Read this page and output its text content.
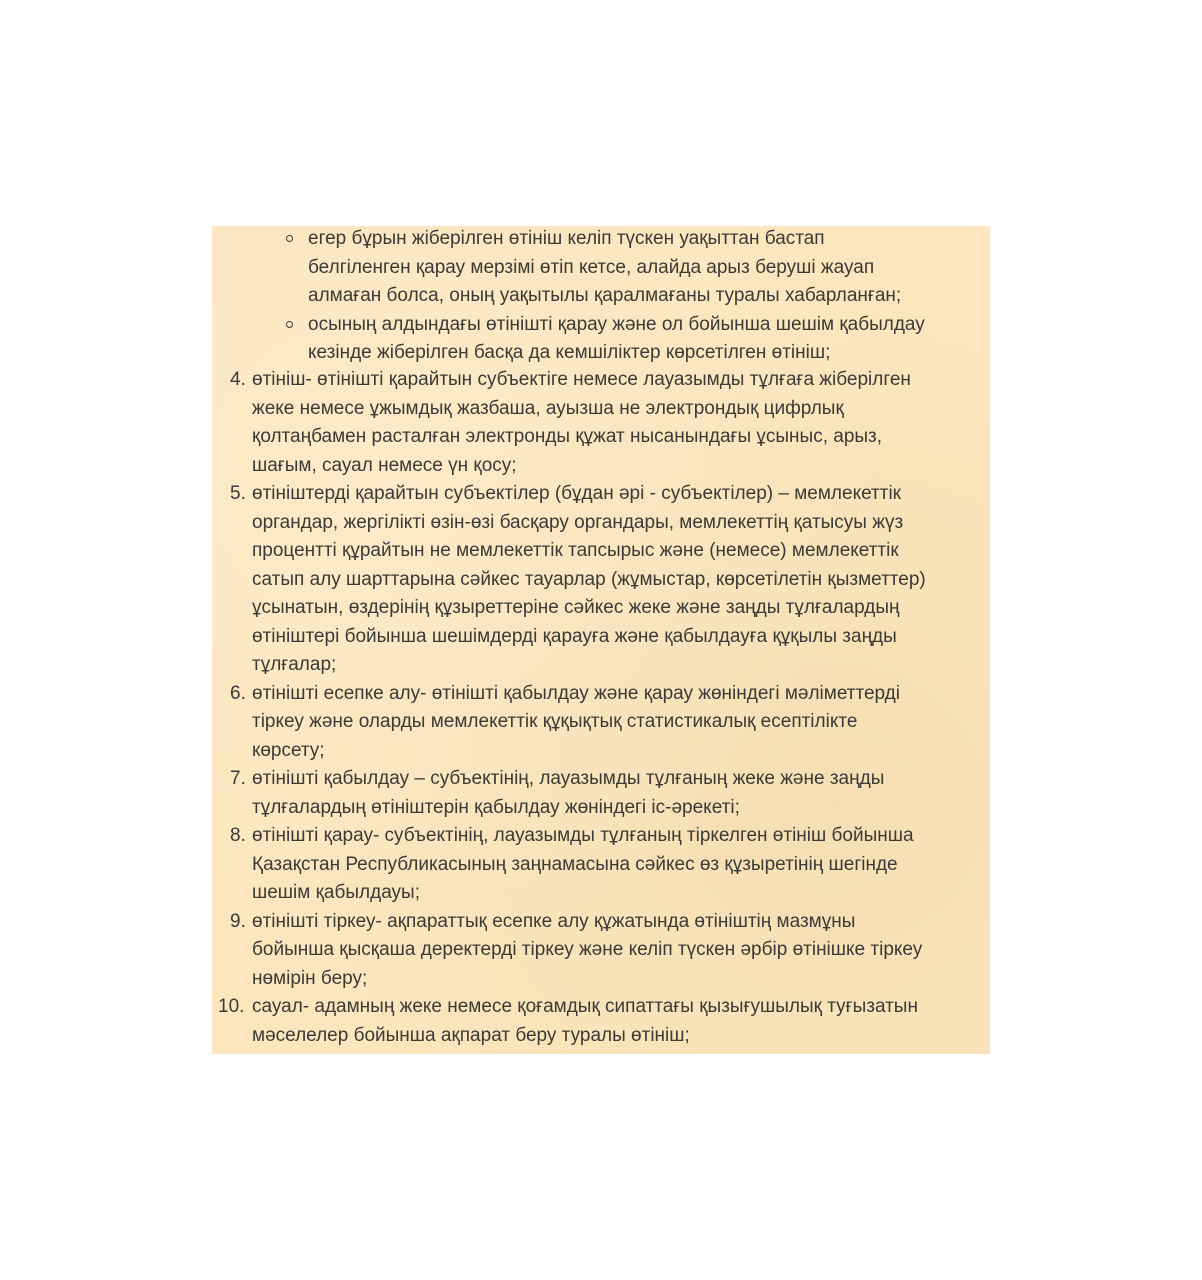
егер бұрын жіберілген өтініш келіп түскен уақыттан бастап
белгіленген қарау мерзімі өтіп кетсе, алайда арыз беруші жауап
алмаған болса, оның уақытылы қаралмағаны туралы хабарланған;
осының алдындағы өтінішті қарау және ол бойынша шешім қабылдау
кезінде жіберілген басқа да кемшіліктер көрсетілген өтініш;
4. өтініш- өтінішті қарайтын субъектіге немесе лауазымды тұлғаға жіберілген
жеке немесе ұжымдық жазбаша, ауызша не электрондық цифрлық
қолтаңбамен расталған электронды құжат нысанындағы ұсыныс, арыз,
шағым, сауал немесе үн қосу;
5. өтініштерді қарайтын субъектілер (бұдан әрі - субъектілер) – мемлекеттік
органдар, жергілікті өзін-өзі басқару органдары, мемлекеттің қатысуы жүз
процентті құрайтын не мемлекеттік тапсырыс және (немесе) мемлекеттік
сатып алу шарттарына сәйкес тауарлар (жұмыстар, көрсетілетін қызметтер)
ұсынатын, өздерінің құзыреттеріне сәйкес жеке және заңды тұлғалардың
өтініштері бойынша шешімдерді қарауға және қабылдауға құқылы заңды
тұлғалар;
6. өтінішті есепке алу- өтінішті қабылдау және қарау жөніндегі мәліметтерді
тіркеу және оларды мемлекеттік құқықтық статистикалық есептілікте
көрсету;
7. өтінішті қабылдау – субъектінің, лауазымды тұлғаның жеке және заңды
тұлғалардың өтініштерін қабылдау жөніндегі іс-әрекеті;
8. өтінішті қарау- субъектінің, лауазымды тұлғаның тіркелген өтініш бойынша
Қазақстан Республикасының заңнамасына сәйкес өз құзыретінің шегінде
шешім қабылдауы;
9. өтінішті тіркеу- ақпараттық есепке алу құжатында өтініштің мазмұны
бойынша қысқаша деректерді тіркеу және келіп түскен әрбір өтінішке тіркеу
нөмірін беру;
10. сауал- адамның жеке немесе қоғамдық сипаттағы қызығушылық туғызатын
мәселелер бойынша ақпарат беру туралы өтініш;
